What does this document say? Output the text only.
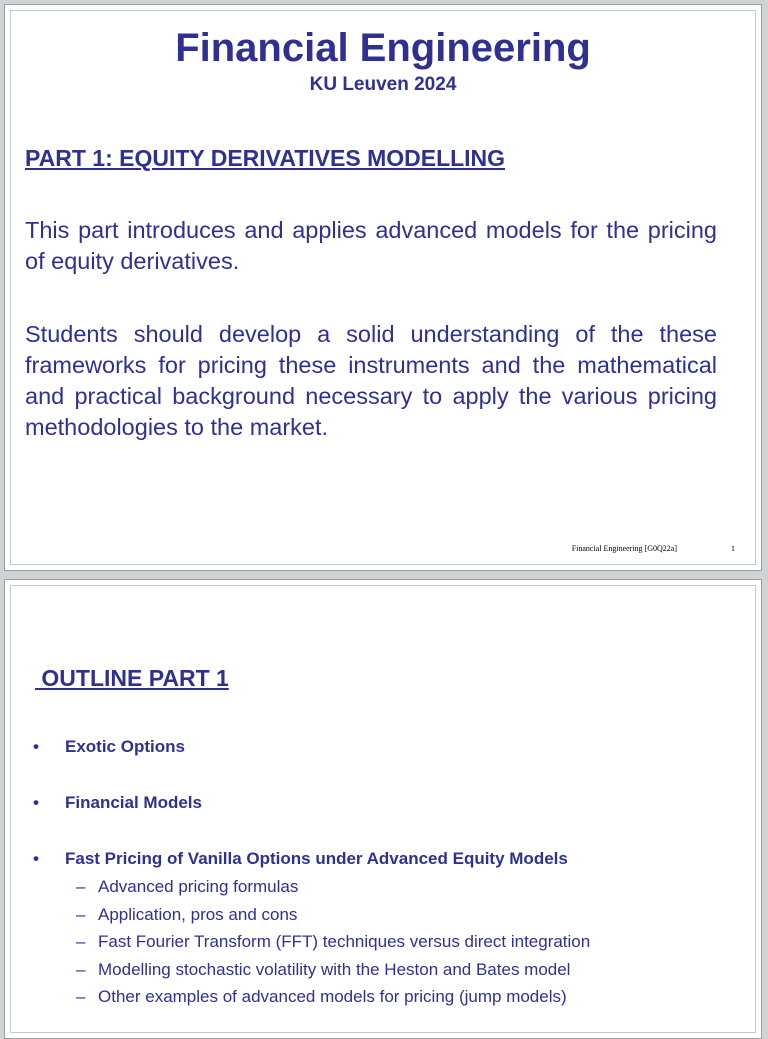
Financial Engineering
KU Leuven 2024
PART 1: EQUITY DERIVATIVES MODELLING

This part introduces and applies advanced models for the pricing of equity derivatives.

Students should develop a solid understanding of the these frameworks for pricing these instruments and the mathematical and practical background necessary to apply the various pricing methodologies to the market.

Financial Engineering [G0Q22a]	1
OUTLINE PART 1
• Exotic Options
• Financial Models
• Fast Pricing of Vanilla Options under Advanced Equity Models
– Advanced pricing formulas
– Application, pros and cons
– Fast Fourier Transform (FFT) techniques versus direct integration
– Modelling stochastic volatility with the Heston and Bates model
– Other examples of advanced models for pricing (jump models)
